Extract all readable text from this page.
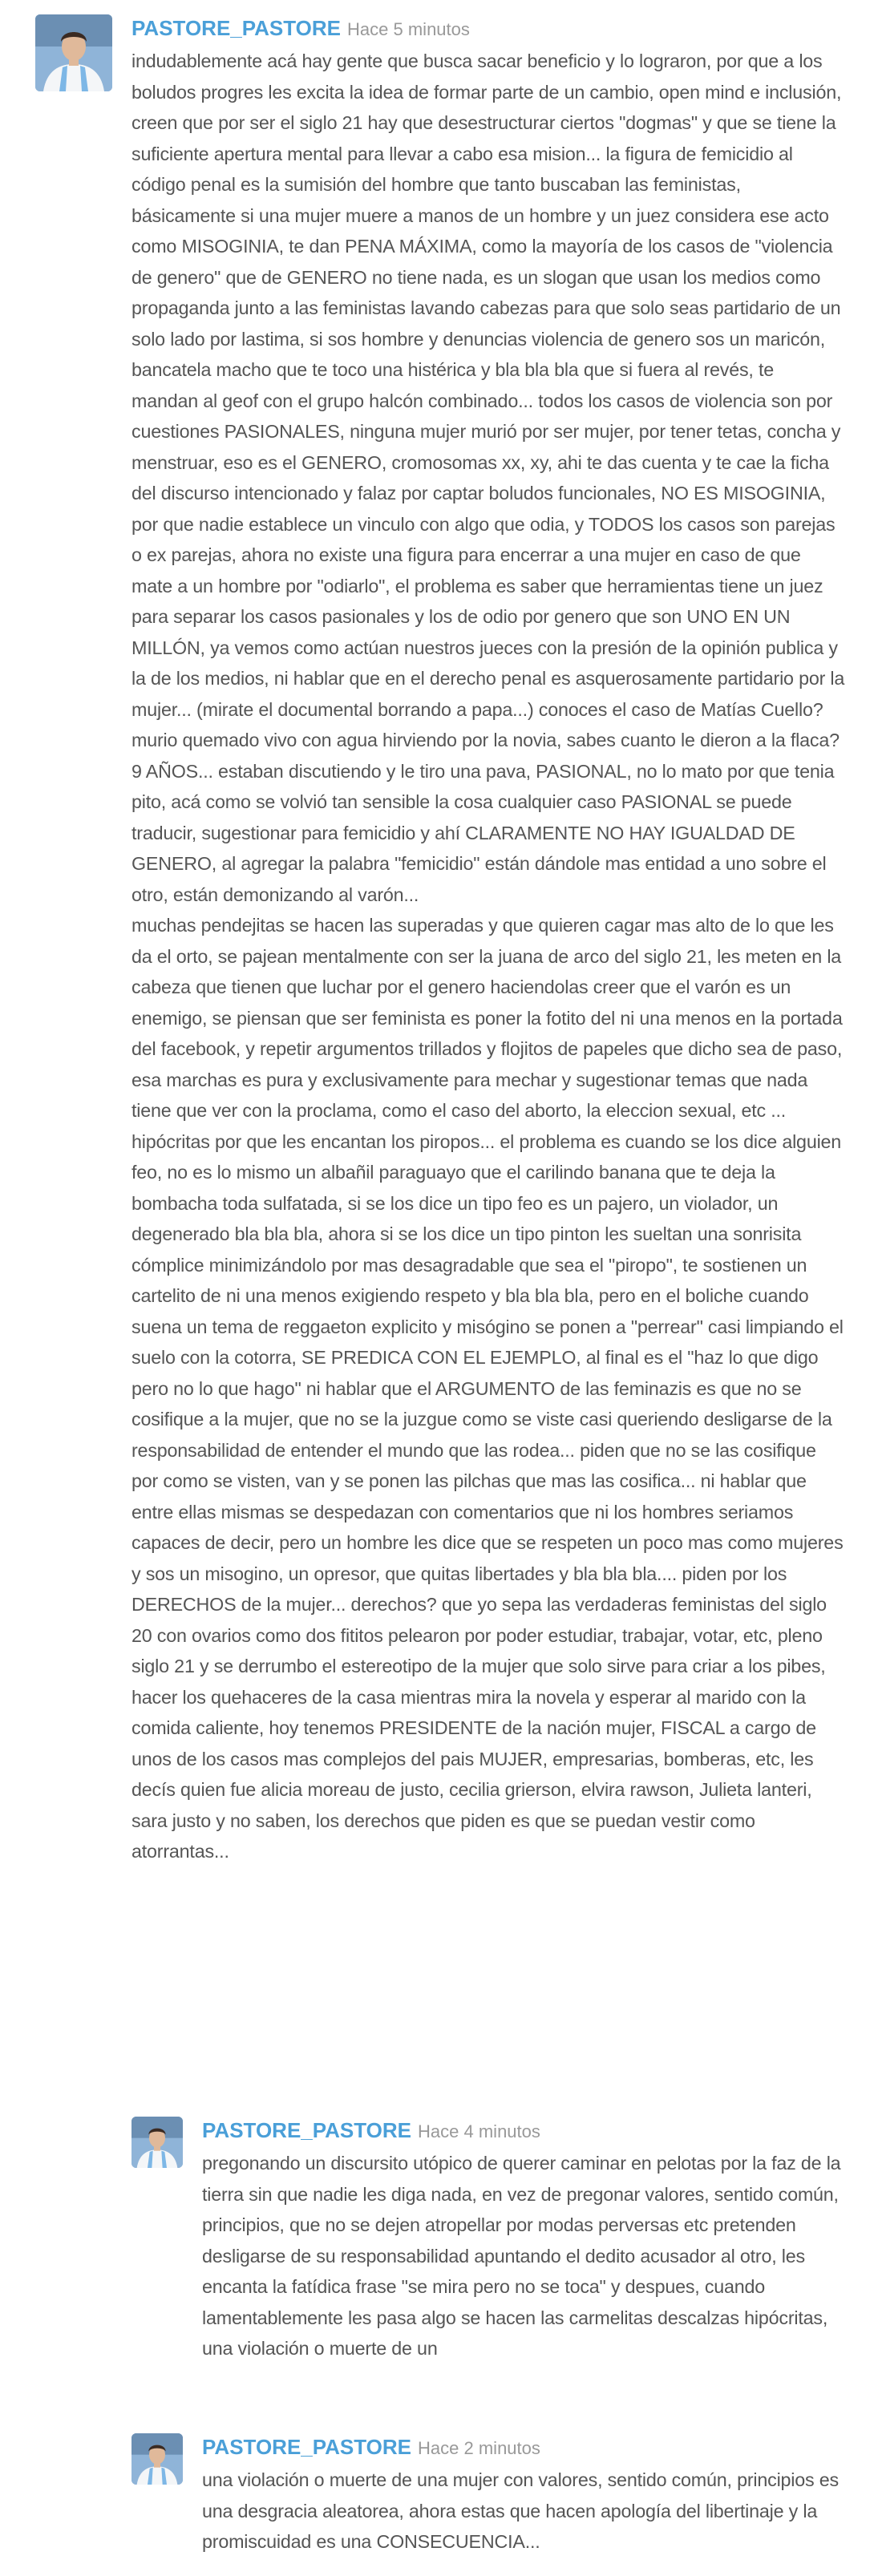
PASTORE_PASTORE Hace 5 minutos

indudablemente acá hay gente que busca sacar beneficio y lo lograron, por que a los boludos progres les excita la idea de formar parte de un cambio, open mind e inclusión, creen que por ser el siglo 21 hay que desestructurar ciertos "dogmas" y que se tiene la suficiente apertura mental para llevar a cabo esa mision... la figura de femicidio al código penal es la sumisión del hombre que tanto buscaban las feministas, básicamente si una mujer muere a manos de un hombre y un juez considera ese acto como MISOGINIA, te dan PENA MÁXIMA, como la mayoría de los casos de "violencia de genero" que de GENERO no tiene nada, es un slogan que usan los medios como propaganda junto a las feministas lavando cabezas para que solo seas partidario de un solo lado por lastima, si sos hombre y denuncias violencia de genero sos un maricón, bancatela macho que te toco una histérica y bla bla bla que si fuera al revés, te mandan al geof con el grupo halcón combinado... todos los casos de violencia son por cuestiones PASIONALES, ninguna mujer murió por ser mujer, por tener tetas, concha y menstruar, eso es el GENERO, cromosomas xx, xy, ahi te das cuenta y te cae la ficha del discurso intencionado y falaz por captar boludos funcionales, NO ES MISOGINIA, por que nadie establece un vinculo con algo que odia, y TODOS los casos son parejas o ex parejas, ahora no existe una figura para encerrar a una mujer en caso de que mate a un hombre por "odiarlo", el problema es saber que herramientas tiene un juez para separar los casos pasionales y los de odio por genero que son UNO EN UN MILLÓN, ya vemos como actúan nuestros jueces con la presión de la opinión publica y la de los medios, ni hablar que en el derecho penal es asquerosamente partidario por la mujer... (mirate el documental borrando a papa...) conoces el caso de Matías Cuello? murio quemado vivo con agua hirviendo por la novia, sabes cuanto le dieron a la flaca? 9 AÑOS... estaban discutiendo y le tiro una pava, PASIONAL, no lo mato por que tenia pito, acá como se volvió tan sensible la cosa cualquier caso PASIONAL se puede traducir, sugestionar para femicidio y ahí CLARAMENTE NO HAY IGUALDAD DE GENERO, al agregar la palabra "femicidio" están dándole mas entidad a uno sobre el otro, están demonizando al varón...

muchas pendejitas se hacen las superadas y que quieren cagar mas alto de lo que les da el orto, se pajean mentalmente con ser la juana de arco del siglo 21, les meten en la cabeza que tienen que luchar por el genero haciendolas creer que el varón es un enemigo, se piensan que ser feminista es poner la fotito del ni una menos en la portada del facebook, y repetir argumentos trillados y flojitos de papeles que dicho sea de paso, esa marchas es pura y exclusivamente para mechar y sugestionar temas que nada tiene que ver con la proclama, como el caso del aborto, la eleccion sexual, etc ... hipócritas por que les encantan los piropos... el problema es cuando se los dice alguien feo, no es lo mismo un albañil paraguayo que el carilindo banana que te deja la bombacha toda sulfatada, si se los dice un tipo feo es un pajero, un violador, un degenerado bla bla bla, ahora si se los dice un tipo pinton les sueltan una sonrisita cómplice minimizándolo por mas desagradable que sea el "piropo", te sostienen un cartelito de ni una menos exigiendo respeto y bla bla bla, pero en el boliche cuando suena un tema de reggaeton explicito y misógino se ponen a "perrear" casi limpiando el suelo con la cotorra, SE PREDICA CON EL EJEMPLO, al final es el "haz lo que digo pero no lo que hago" ni hablar que el ARGUMENTO de las feminazis es que no se cosifique a la mujer, que no se la juzgue como se viste casi queriendo desligarse de la responsabilidad de entender el mundo que las rodea... piden que no se las cosifique por como se visten, van y se ponen las pilchas que mas las cosifica... ni hablar que entre ellas mismas se despedazan con comentarios que ni los hombres seriamos capaces de decir, pero un hombre les dice que se respeten un poco mas como mujeres y sos un misogino, un opresor, que quitas libertades y bla bla bla.... piden por los DERECHOS de la mujer... derechos? que yo sepa las verdaderas feministas del siglo 20 con ovarios como dos fititos pelearon por poder estudiar, trabajar, votar, etc, pleno siglo 21 y se derrumbo el estereotipo de la mujer que solo sirve para criar a los pibes, hacer los quehaceres de la casa mientras mira la novela y esperar al marido con la comida caliente, hoy tenemos PRESIDENTE de la nación mujer, FISCAL a cargo de unos de los casos mas complejos del pais MUJER, empresarias, bomberas, etc, les decís quien fue alicia moreau de justo, cecilia grierson, elvira rawson, Julieta lanteri, sara justo y no saben, los derechos que piden es que se puedan vestir como atorrantas...

PASTORE_PASTORE Hace 4 minutos

pregonando un discursito utópico de querer caminar en pelotas por la faz de la tierra sin que nadie les diga nada, en vez de pregonar valores, sentido común, principios, que no se dejen atropellar por modas perversas etc pretenden desligarse de su responsabilidad apuntando el dedito acusador al otro, les encanta la fatídica frase "se mira pero no se toca" y despues, cuando lamentablemente les pasa algo se hacen las carmelitas descalzas hipócritas, una violación o muerte de un

PASTORE_PASTORE Hace 2 minutos

una violación o muerte de una mujer con valores, sentido común, principios es una desgracia aleatorea, ahora estas que hacen apología del libertinaje y la promiscuidad es una CONSECUENCIA...
